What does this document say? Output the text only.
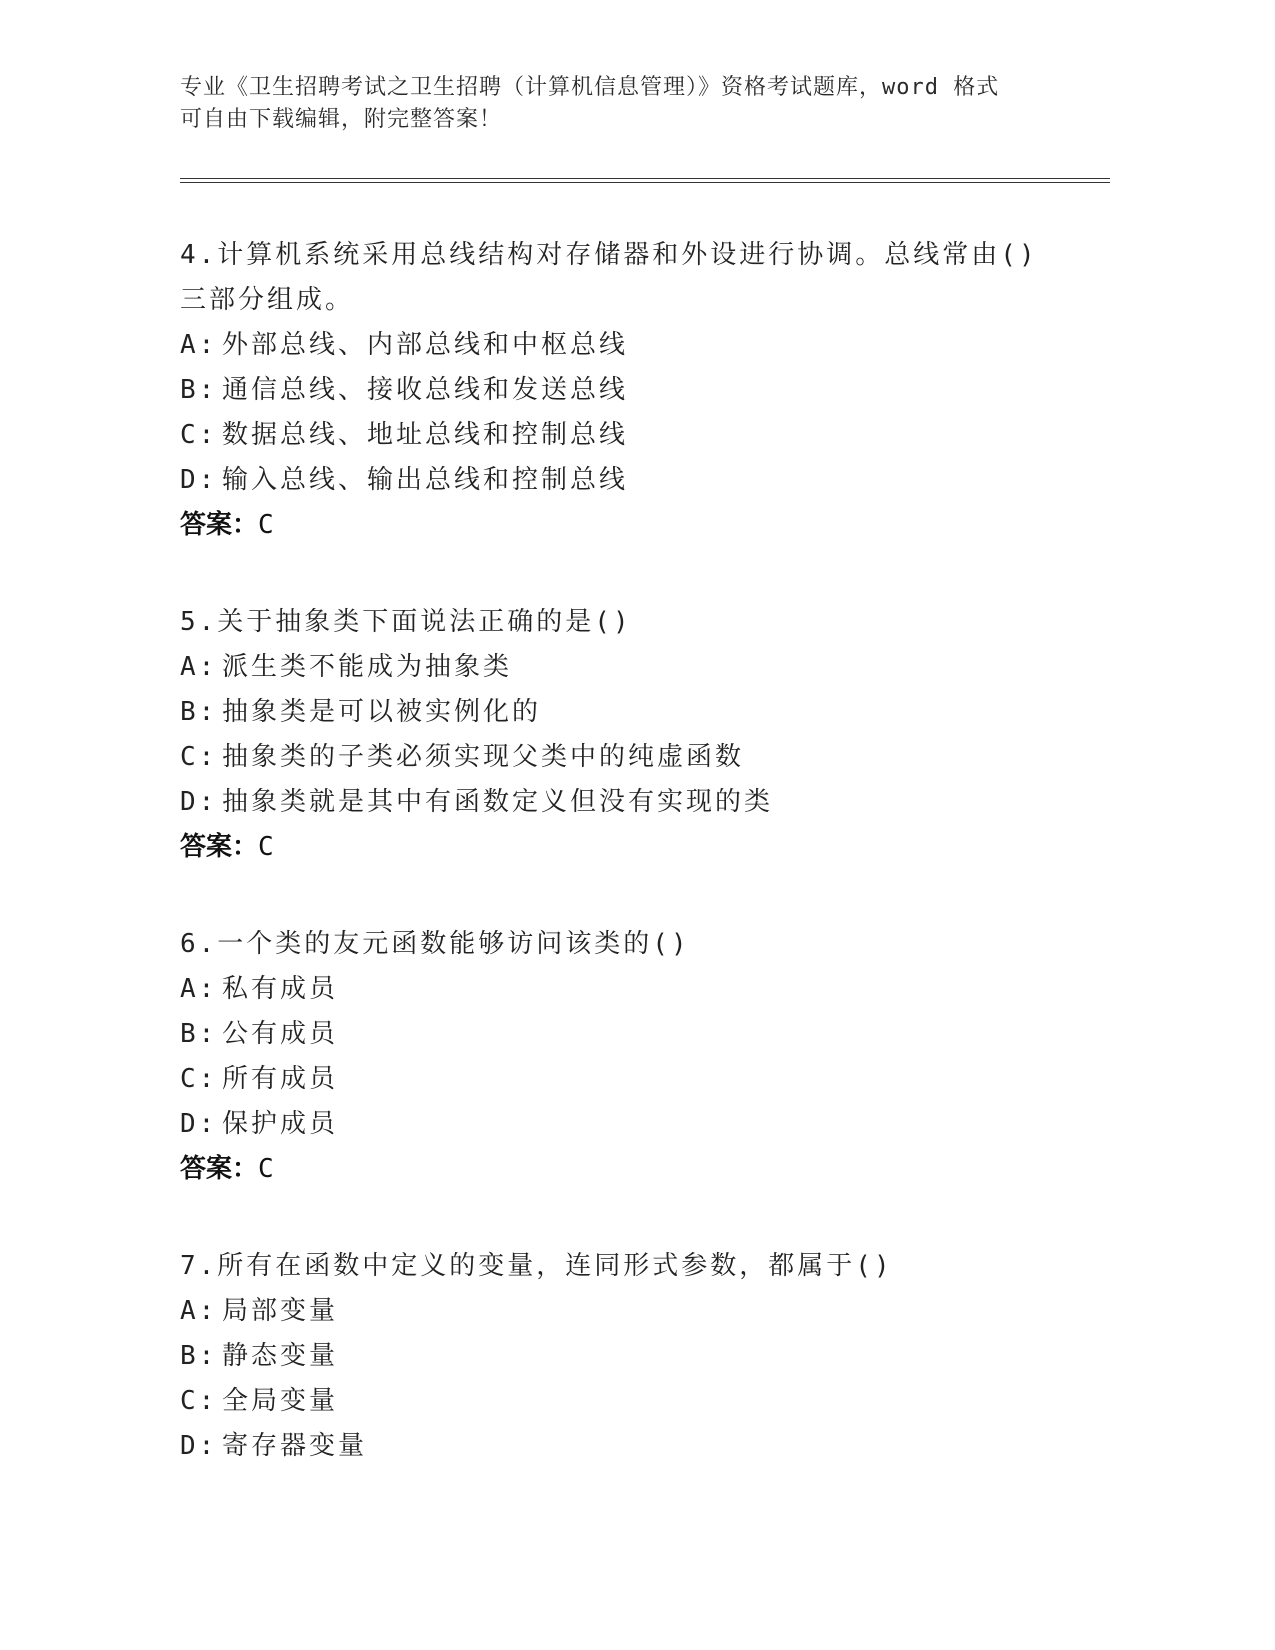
专业《卫生招聘考试之卫生招聘（计算机信息管理）》资格考试题库，word 格式

可自由下载编辑，附完整答案！

4.计算机系统采用总线结构对存储器和外设进行协调。总线常由()三部分组成。

A: 外部总线、内部总线和中枢总线

B: 通信总线、接收总线和发送总线

C: 数据总线、地址总线和控制总线

D: 输入总线、输出总线和控制总线

答案：C

5.关于抽象类下面说法正确的是()

A: 派生类不能成为抽象类

B: 抽象类是可以被实例化的

C: 抽象类的子类必须实现父类中的纯虚函数

D: 抽象类就是其中有函数定义但没有实现的类

答案：C

6.一个类的友元函数能够访问该类的()

A: 私有成员

B: 公有成员

C: 所有成员

D: 保护成员

答案：C

7.所有在函数中定义的变量，连同形式参数，都属于()

A: 局部变量

B: 静态变量

C: 全局变量

D: 寄存器变量
